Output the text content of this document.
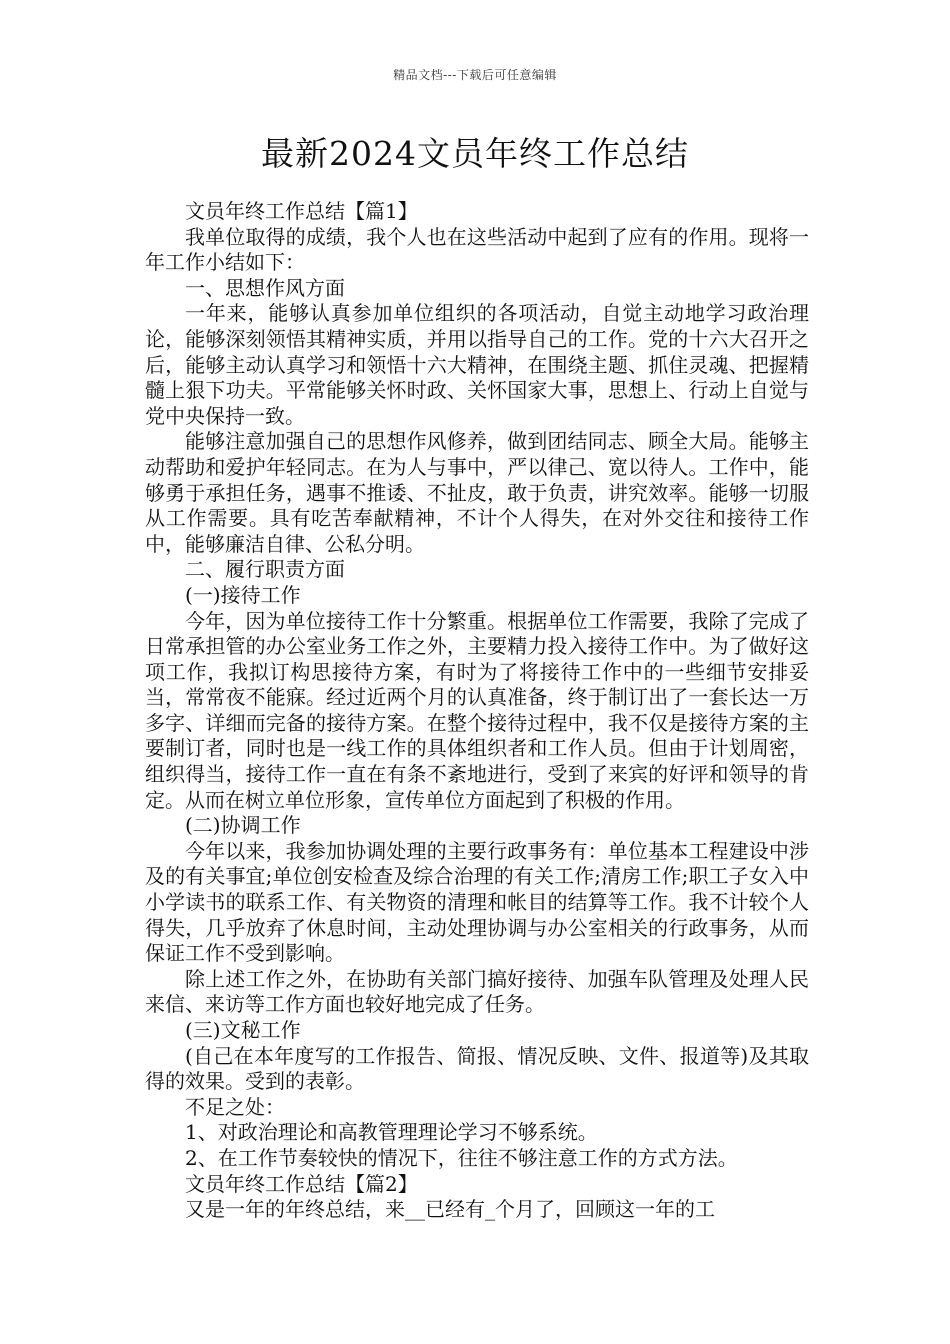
精品文档---下载后可任意编辑
最新2024文员年终工作总结

文员年终工作总结【篇1】

我单位取得的成绩，我个人也在这些活动中起到了应有的作用。现将一年工作小结如下：

一、思想作风方面

一年来，能够认真参加单位组织的各项活动，自觉主动地学习政治理论，能够深刻领悟其精神实质，并用以指导自己的工作。党的十六大召开之后，能够主动认真学习和领悟十六大精神，在围绕主题、抓住灵魂、把握精髓上狠下功夫。平常能够关怀时政、关怀国家大事，思想上、行动上自觉与党中央保持一致。

能够注意加强自己的思想作风修养，做到团结同志、顾全大局。能够主动帮助和爱护年轻同志。在为人与事中，严以律己、宽以待人。工作中，能够勇于承担任务，遇事不推诿、不扯皮，敢于负责，讲究效率。能够一切服从工作需要。具有吃苦奉献精神，不计个人得失，在对外交往和接待工作中，能够廉洁自律、公私分明。

二、履行职责方面

(一)接待工作

今年，因为单位接待工作十分繁重。根据单位工作需要，我除了完成了日常承担管的办公室业务工作之外，主要精力投入接待工作中。为了做好这项工作，我拟订构思接待方案，有时为了将接待工作中的一些细节安排妥当，常常夜不能寐。经过近两个月的认真准备，终于制订出了一套长达一万多字、详细而完备的接待方案。在整个接待过程中，我不仅是接待方案的主要制订者，同时也是一线工作的具体组织者和工作人员。但由于计划周密，组织得当，接待工作一直在有条不紊地进行，受到了来宾的好评和领导的肯定。从而在树立单位形象，宣传单位方面起到了积极的作用。

(二)协调工作

今年以来，我参加协调处理的主要行政事务有：单位基本工程建设中涉及的有关事宜;单位创安检查及综合治理的有关工作;清房工作;职工子女入中小学读书的联系工作、有关物资的清理和帐目的结算等工作。我不计较个人得失，几乎放弃了休息时间，主动处理协调与办公室相关的行政事务，从而保证工作不受到影响。

除上述工作之外，在协助有关部门搞好接待、加强车队管理及处理人民来信、来访等工作方面也较好地完成了任务。

(三)文秘工作

(自己在本年度写的工作报告、简报、情况反映、文件、报道等)及其取得的效果。受到的表彰。

不足之处：

1、对政治理论和高教管理理论学习不够系统。

2、在工作节奏较快的情况下，往往不够注意工作的方式方法。

文员年终工作总结【篇2】

又是一年的年终总结，来__已经有_个月了，回顾这一年的工
